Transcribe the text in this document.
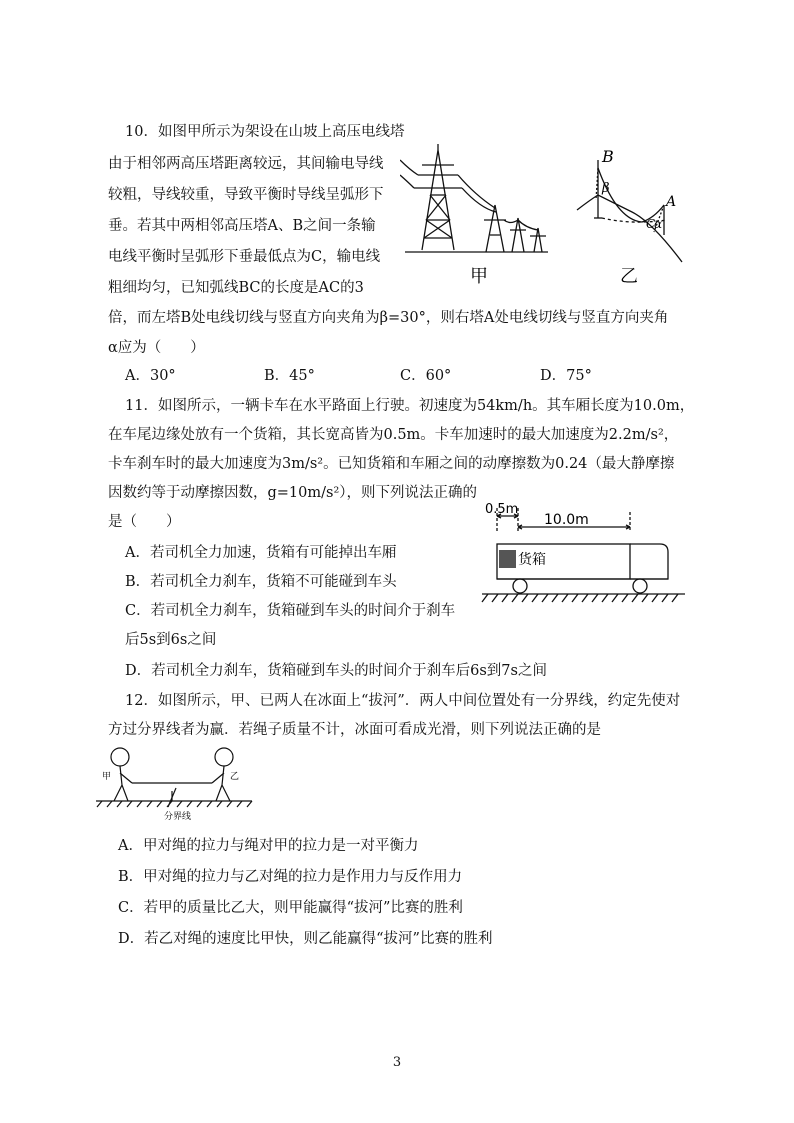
10．如图甲所示为架设在山坡上高压电线塔
由于相邻两高压塔距离较远，其间输电导线
较粗，导线较重，导致平衡时导线呈弧形下
垂。若其中两相邻高压塔A、B之间一条输
电线平衡时呈弧形下垂最低点为C，输电线
粗细均匀，已知弧线BC的长度是AC的3
倍，而左塔B处电线切线与竖直方向夹角为β=30°，则右塔A处电线切线与竖直方向夹角
α应为（　　）
A．30°	B．45°	C．60°	D．75°
甲
B
A
β
α
C
乙
11．如图所示，一辆卡车在水平路面上行驶。初速度为54km/h。其车厢长度为10.0m，
在车尾边缘处放有一个货箱，其长宽高皆为0.5m。卡车加速时的最大加速度为2.2m/s²，
卡车刹车时的最大加速度为3m/s²。已知货箱和车厢之间的动摩擦数为0.24（最大静摩擦
因数约等于动摩擦因数，g=10m/s²），则下列说法正确的
是（　　）
A．若司机全力加速，货箱有可能掉出车厢
B．若司机全力刹车，货箱不可能碰到车头
C．若司机全力刹车，货箱碰到车头的时间介于刹车
后5s到6s之间
D．若司机全力刹车，货箱碰到车头的时间介于刹车后6s到7s之间
0.5m
10.0m
货箱
12．如图所示，甲、已两人在冰面上“拔河”．两人中间位置处有一分界线，约定先使对
方过分界线者为赢．若绳子质量不计，冰面可看成光滑，则下列说法正确的是
甲	乙
分界线
A．甲对绳的拉力与绳对甲的拉力是一对平衡力
B．甲对绳的拉力与乙对绳的拉力是作用力与反作用力
C．若甲的质量比乙大，则甲能赢得“拔河”比赛的胜利
D．若乙对绳的速度比甲快，则乙能赢得“拔河”比赛的胜利
3
